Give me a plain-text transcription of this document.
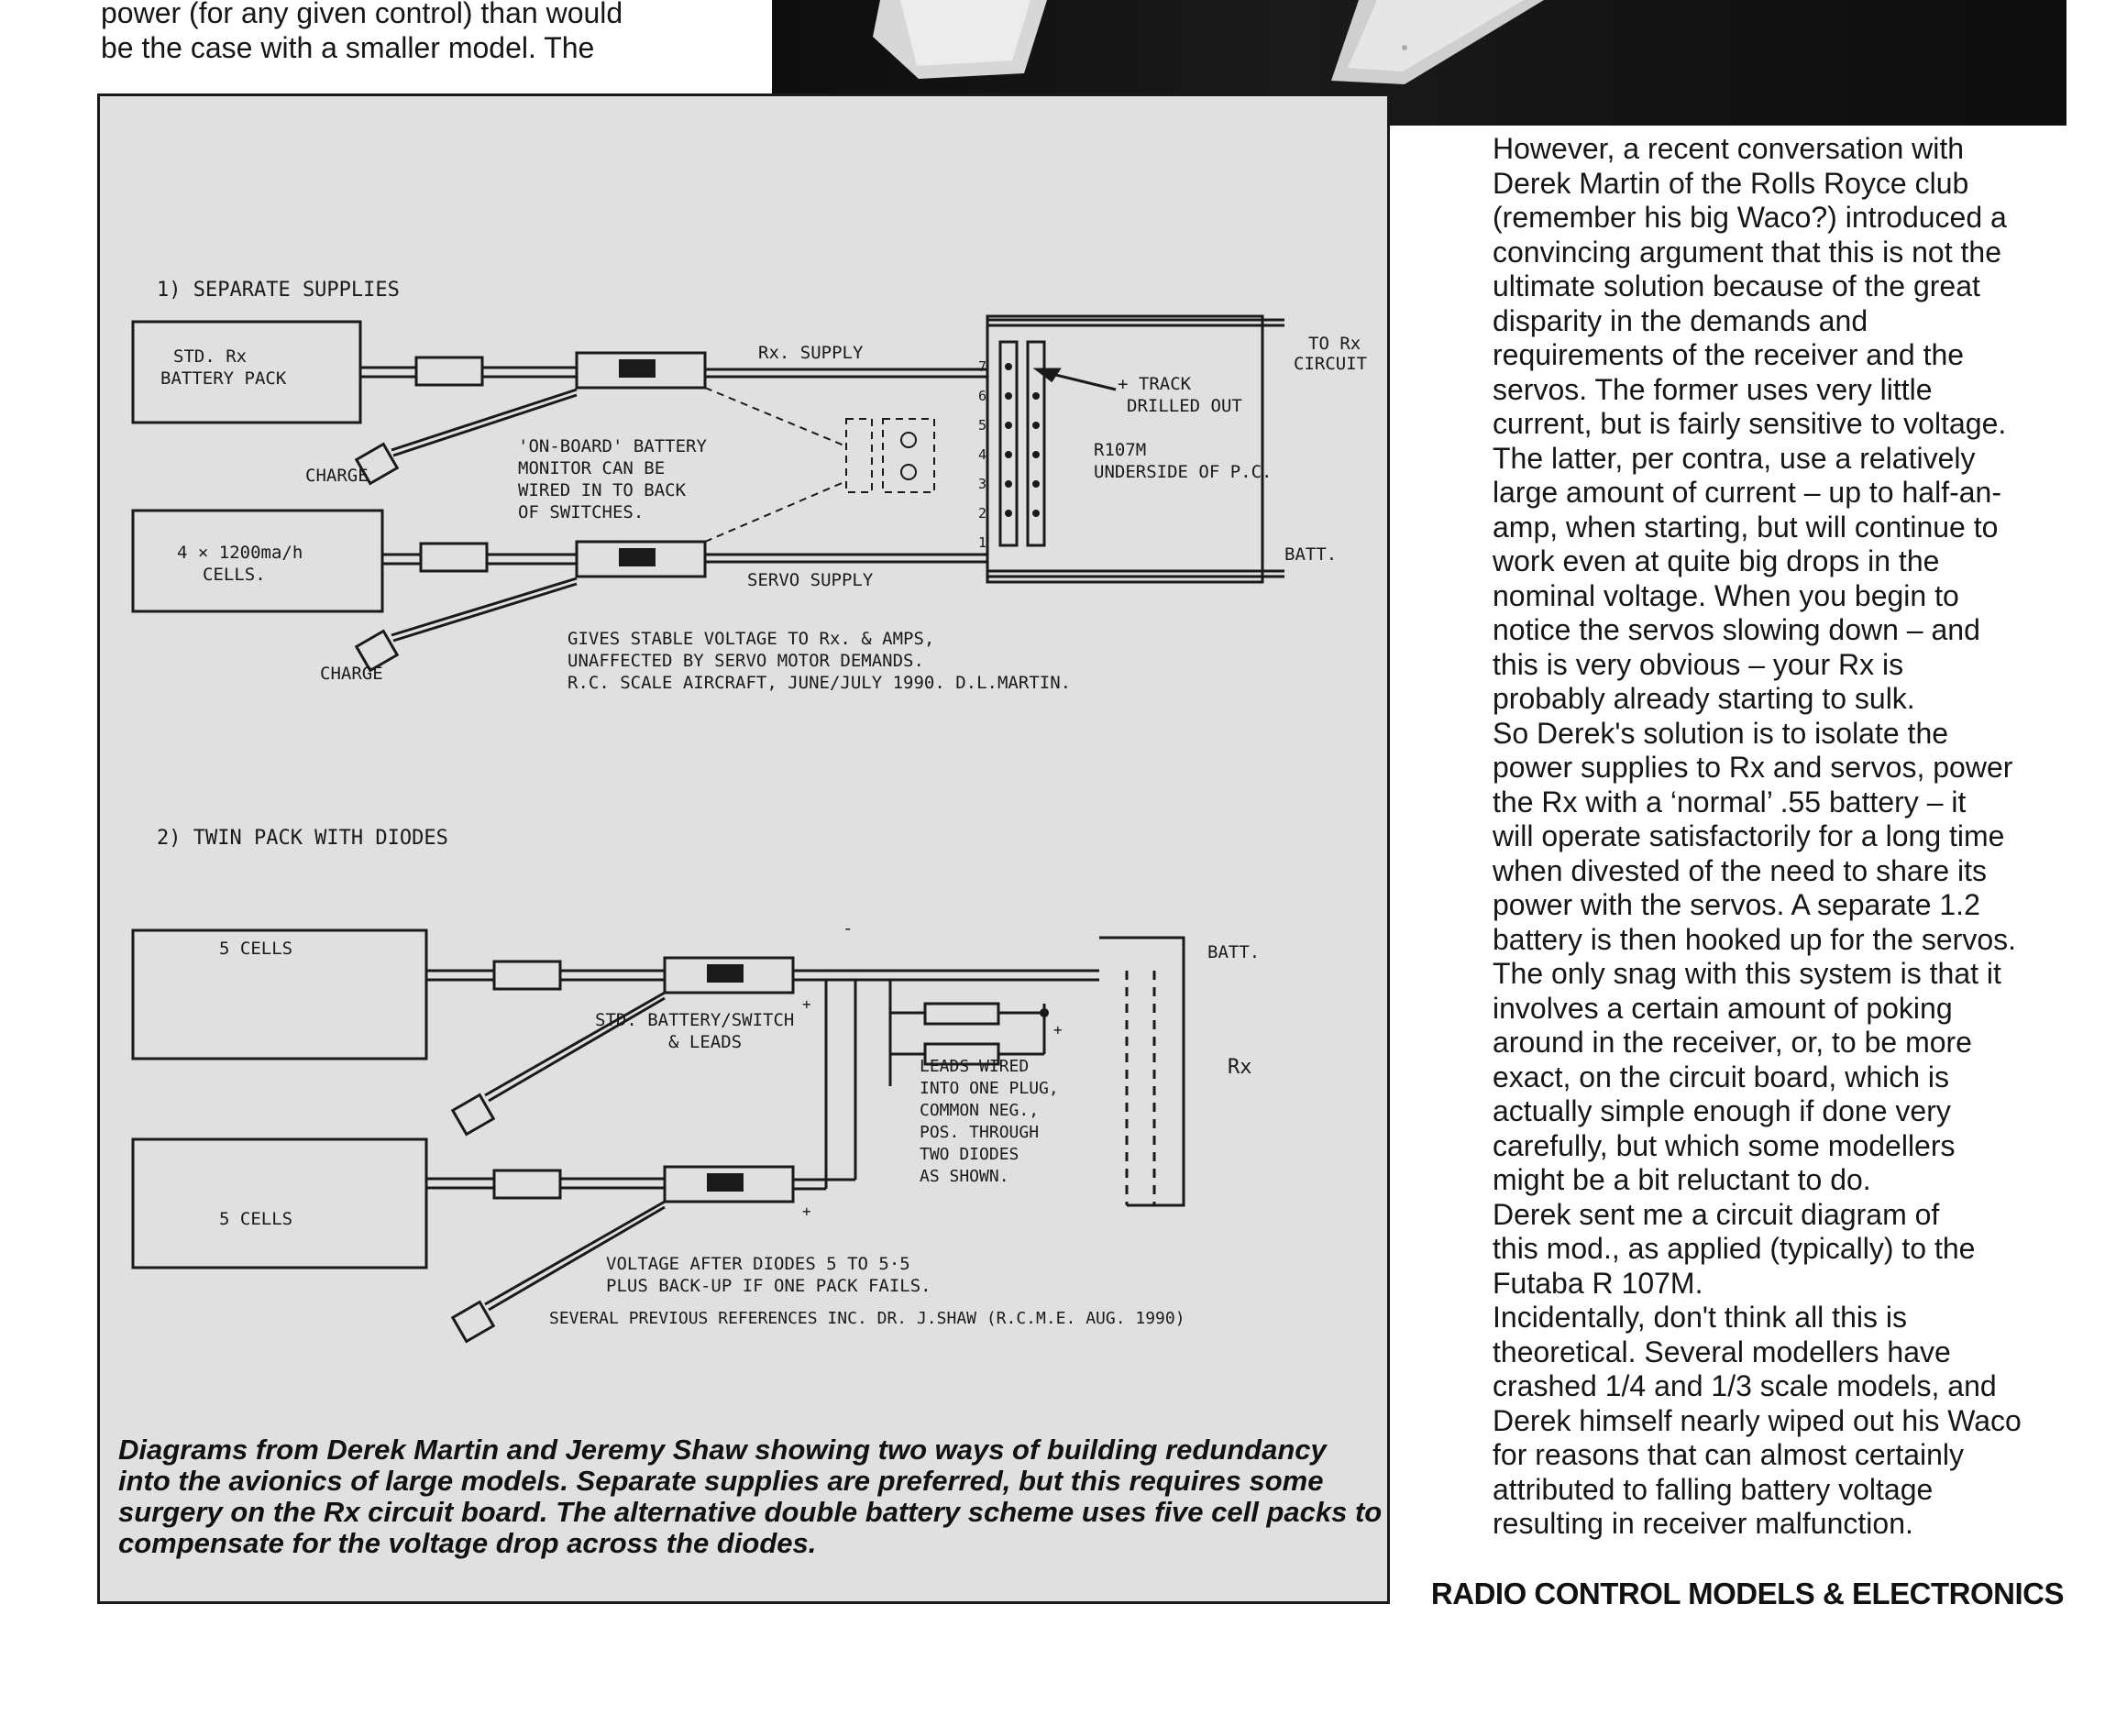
power (for any given control) than would

be the case with a smaller model. The

1) SEPARATE SUPPLIES
STD. Rx
BATTERY PACK
4 × 1200ma/h
CELLS.
CHARGE
CHARGE
Rx. SUPPLY
SERVO SUPPLY
'ON-BOARD' BATTERY
MONITOR CAN BE
WIRED IN TO BACK
OF SWITCHES.
TO Rx
CIRCUIT
+ TRACK
DRILLED OUT
R107M
UNDERSIDE OF P.C.
BATT.
7
6
5
4
3
2
1
GIVES STABLE VOLTAGE TO Rx. & AMPS,
UNAFFECTED BY SERVO MOTOR DEMANDS.
R.C. SCALE AIRCRAFT, JUNE/JULY 1990. D.L.MARTIN.
2) TWIN PACK WITH DIODES
5 CELLS
5 CELLS
STD. BATTERY/SWITCH
& LEADS
LEADS WIRED
INTO ONE PLUG,
COMMON NEG.,
POS. THROUGH
TWO DIODES
AS SHOWN.
BATT.
Rx
-
+
+
+
VOLTAGE AFTER DIODES 5 TO 5·5
PLUS BACK-UP IF ONE PACK FAILS.
SEVERAL PREVIOUS REFERENCES INC. DR. J.SHAW (R.C.M.E. AUG. 1990)

Diagrams from Derek Martin and Jeremy Shaw showing two ways of building redundancy into the avionics of large models. Separate supplies are preferred, but this requires some surgery on the Rx circuit board. The alternative double battery scheme uses five cell packs to compensate for the voltage drop across the diodes.

However, a recent conversation with
Derek Martin of the Rolls Royce club
(remember his big Waco?) introduced a
convincing argument that this is not the
ultimate solution because of the great
disparity in the demands and
requirements of the receiver and the
servos. The former uses very little
current, but is fairly sensitive to voltage.
The latter, per contra, use a relatively
large amount of current – up to half-an-
amp, when starting, but will continue to
work even at quite big drops in the
nominal voltage. When you begin to
notice the servos slowing down – and
this is very obvious – your Rx is
probably already starting to sulk.

So Derek's solution is to isolate the
power supplies to Rx and servos, power
the Rx with a ‘normal’ .55 battery – it
will operate satisfactorily for a long time
when divested of the need to share its
power with the servos. A separate 1.2
battery is then hooked up for the servos.
The only snag with this system is that it
involves a certain amount of poking
around in the receiver, or, to be more
exact, on the circuit board, which is
actually simple enough if done very
carefully, but which some modellers
might be a bit reluctant to do.

Derek sent me a circuit diagram of
this mod., as applied (typically) to the
Futaba R 107M.

Incidentally, don't think all this is
theoretical. Several modellers have
crashed 1/4 and 1/3 scale models, and
Derek himself nearly wiped out his Waco
for reasons that can almost certainly
attributed to falling battery voltage
resulting in receiver malfunction.

RADIO CONTROL MODELS & ELECTRONICS
